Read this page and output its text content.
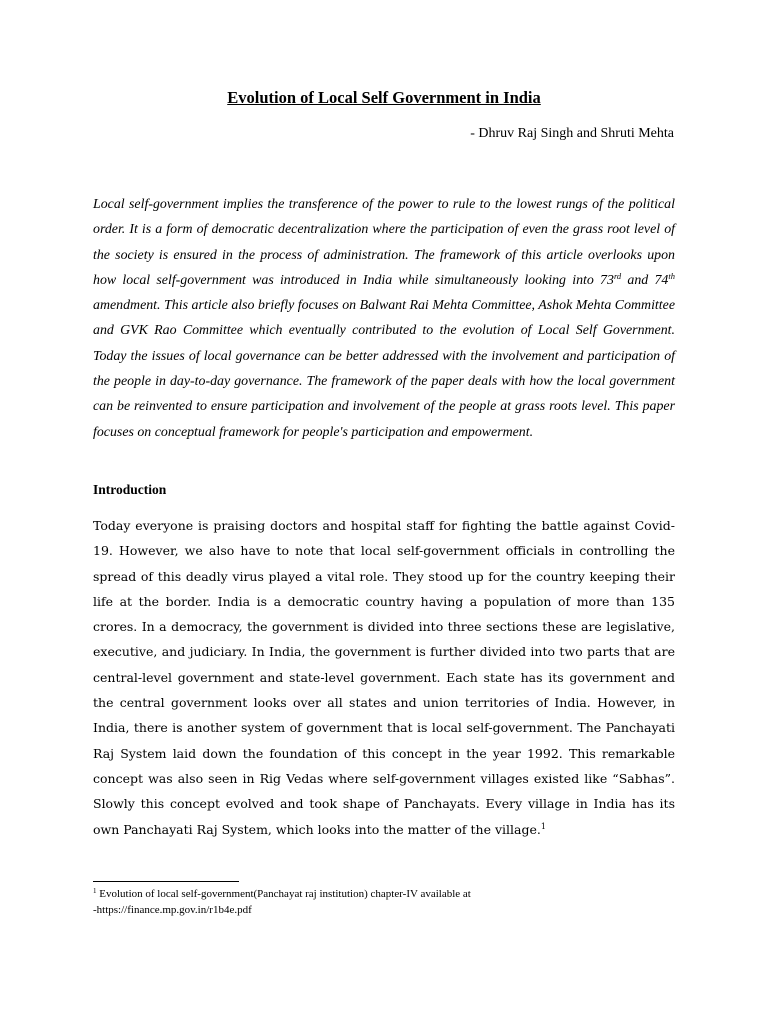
Evolution of Local Self Government in India
- Dhruv Raj Singh and Shruti Mehta

Local self-government implies the transference of the power to rule to the lowest rungs of the political order. It is a form of democratic decentralization where the participation of even the grass root level of the society is ensured in the process of administration. The framework of this article overlooks upon how local self-government was introduced in India while simultaneously looking into 73rd and 74th amendment. This article also briefly focuses on Balwant Rai Mehta Committee, Ashok Mehta Committee and GVK Rao Committee which eventually contributed to the evolution of Local Self Government. Today the issues of local governance can be better addressed with the involvement and participation of the people in day-to-day governance. The framework of the paper deals with how the local government can be reinvented to ensure participation and involvement of the people at grass roots level. This paper focuses on conceptual framework for people's participation and empowerment.

Introduction

Today everyone is praising doctors and hospital staff for fighting the battle against Covid-19. However, we also have to note that local self-government officials in controlling the spread of this deadly virus played a vital role. They stood up for the country keeping their life at the border. India is a democratic country having a population of more than 135 crores. In a democracy, the government is divided into three sections these are legislative, executive, and judiciary. In India, the government is further divided into two parts that are central-level government and state-level government. Each state has its government and the central government looks over all states and union territories of India. However, in India, there is another system of government that is local self-government. The Panchayati Raj System laid down the foundation of this concept in the year 1992. This remarkable concept was also seen in Rig Vedas where self-government villages existed like “Sabhas”. Slowly this concept evolved and took shape of Panchayats. Every village in India has its own Panchayati Raj System, which looks into the matter of the village.$^1$

$^1$ Evolution of local self-government(Panchayat raj institution) chapter-IV available at
-https://finance.mp.gov.in/r1b4e.pdf
